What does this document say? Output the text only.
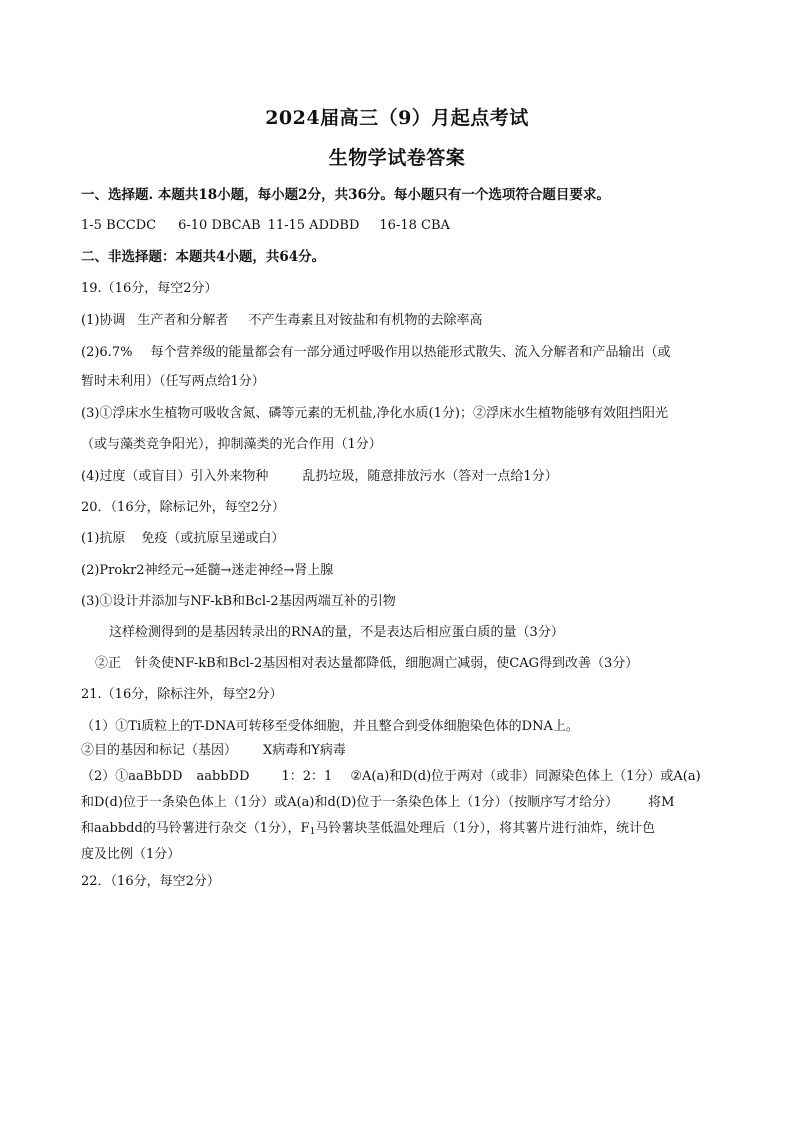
2024届高三（9）月起点考试
生物学试卷答案
一、选择题. 本题共18小题，每小题2分，共36分。每小题只有一个选项符合题目要求。
1-5 BCCDC 6-10 DBCAB 11-15 ADDBD 16-18 CBA
二、非选择题：本题共4小题，共64分。
19.（16分，每空2分）
(1)协调 生产者和分解者 不产生毒素且对铵盐和有机物的去除率高
(2)6.7% 每个营养级的能量都会有一部分通过呼吸作用以热能形式散失、流入分解者和产品输出（或
暂时未利用）（任写两点给1分）
(3)①浮床水生植物可吸收含氮、磷等元素的无机盐,净化水质(1分)；②浮床水生植物能够有效阻挡阳光
（或与藻类竞争阳光），抑制藻类的光合作用（1分）
(4)过度（或盲目）引入外来物种	乱扔垃圾，随意排放污水（答对一点给1分）
20．（16分，除标记外，每空2分）
(1)抗原 免疫（或抗原呈递或白）
(2)Prokr2神经元→延髓→迷走神经→肾上腺
(3)①设计并添加与NF-kB和Bcl-2基因两端互补的引物
这样检测得到的是基因转录出的RNA的量，不是表达后相应蛋白质的量（3分）
②正 针灸使NF-kB和Bcl-2基因相对表达量都降低，细胞凋亡减弱，使CAG得到改善（3分）
21.（16分，除标注外，每空2分）
（1）①Ti质粒上的T-DNA可转移至受体细胞，并且整合到受体细胞染色体的DNA上。
②目的基因和标记（基因） X病毒和Y病毒
（2）①aaBbDD aabbDD 1：2：1 ②A(a)和D(d)位于两对（或非）同源染色体上（1分）或A(a)
和D(d)位于一条染色体上（1分）或A(a)和d(D)位于一条染色体上（1分）（按顺序写才给分） 将M
和aabbdd的马铃薯进行杂交（1分），$F_1$马铃薯块茎低温处理后（1分），将其薯片进行油炸，统计色
度及比例（1分）
22．（16分，每空2分）
